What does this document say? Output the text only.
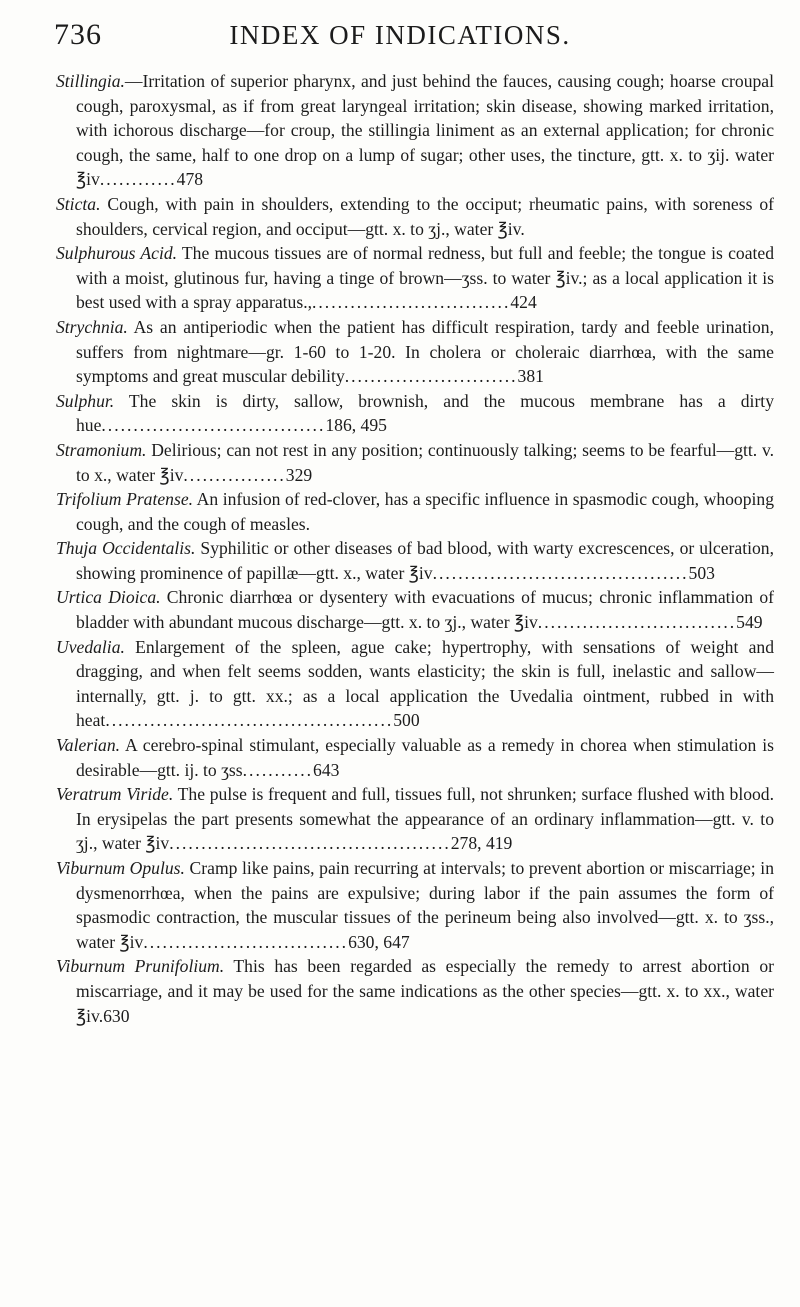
736	INDEX OF INDICATIONS.

Stillingia.—Irritation of superior pharynx, and just behind the fauces, causing cough; hoarse croupal cough, paroxysmal, as if from great laryngeal irritation; skin disease, showing marked irritation, with ichorous discharge—for croup, the stillingia liniment as an external application; for chronic cough, the same, half to one drop on a lump of sugar; other uses, the tincture, gtt. x. to ʒij. water ℥iv............478

Sticta. Cough, with pain in shoulders, extending to the occiput; rheumatic pains, with soreness of shoulders, cervical region, and occiput—gtt. x. to ʒj., water ℥iv.

Sulphurous Acid. The mucous tissues are of normal redness, but full and feeble; the tongue is coated with a moist, glutinous fur, having a tinge of brown—ʒss. to water ℥iv.; as a local application it is best used with a spray apparatus.,...............................424

Strychnia. As an antiperiodic when the patient has difficult respiration, tardy and feeble urination, suffers from nightmare—gr. 1-60 to 1-20. In cholera or choleraic diarrhœa, with the same symptoms and great muscular debility...........................381

Sulphur. The skin is dirty, sallow, brownish, and the mucous membrane has a dirty hue...................................186, 495

Stramonium. Delirious; can not rest in any position; continuously talking; seems to be fearful—gtt. v. to x., water ℥iv................329

Trifolium Pratense. An infusion of red-clover, has a specific influence in spasmodic cough, whooping cough, and the cough of measles.

Thuja Occidentalis. Syphilitic or other diseases of bad blood, with warty excrescences, or ulceration, showing prominence of papillæ—gtt. x., water ℥iv........................................503

Urtica Dioica. Chronic diarrhœa or dysentery with evacuations of mucus; chronic inflammation of bladder with abundant mucous discharge—gtt. x. to ʒj., water ℥iv...............................549

Uvedalia. Enlargement of the spleen, ague cake; hypertrophy, with sensations of weight and dragging, and when felt seems sodden, wants elasticity; the skin is full, inelastic and sallow—internally, gtt. j. to gtt. xx.; as a local application the Uvedalia ointment, rubbed in with heat.............................................500

Valerian. A cerebro-spinal stimulant, especially valuable as a remedy in chorea when stimulation is desirable—gtt. ij. to ʒss...........643

Veratrum Viride. The pulse is frequent and full, tissues full, not shrunken; surface flushed with blood. In erysipelas the part presents somewhat the appearance of an ordinary inflammation—gtt. v. to ʒj., water ℥iv............................................278, 419

Viburnum Opulus. Cramp like pains, pain recurring at intervals; to prevent abortion or miscarriage; in dysmenorrhœa, when the pains are expulsive; during labor if the pain assumes the form of spasmodic contraction, the muscular tissues of the perineum being also involved—gtt. x. to ʒss., water ℥iv................................630, 647

Viburnum Prunifolium. This has been regarded as especially the remedy to arrest abortion or miscarriage, and it may be used for the same indications as the other species—gtt. x. to xx., water ℥iv.630
